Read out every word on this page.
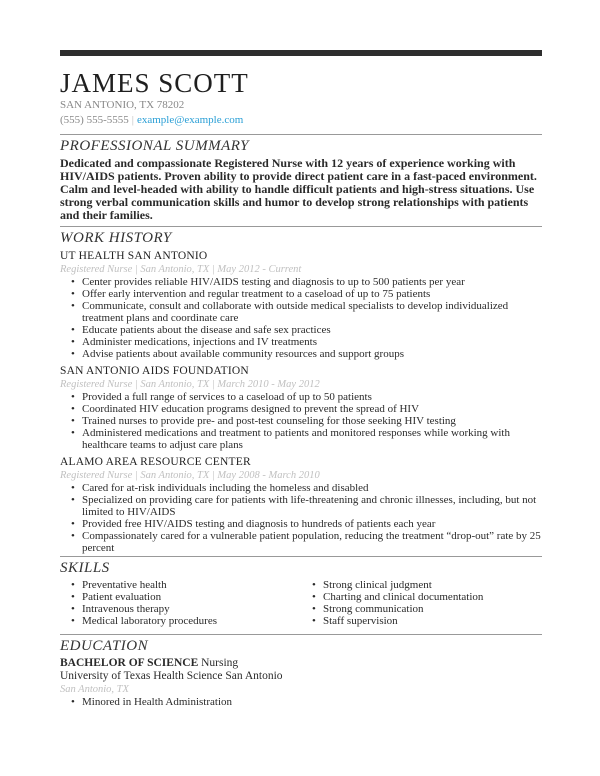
JAMES SCOTT
SAN ANTONIO, TX 78202
(555) 555-5555 | example@example.com
PROFESSIONAL SUMMARY

Dedicated and compassionate Registered Nurse with 12 years of experience working with HIV/AIDS patients. Proven ability to provide direct patient care in a fast-paced environment. Calm and level-headed with ability to handle difficult patients and high-stress situations. Use strong verbal communication skills and humor to develop strong relationships with patients and their families.

WORK HISTORY

UT HEALTH SAN ANTONIO

Registered Nurse | San Antonio, TX | May 2012 - Current

• Center provides reliable HIV/AIDS testing and diagnosis to up to 500 patients per year
• Offer early intervention and regular treatment to a caseload of up to 75 patients
• Communicate, consult and collaborate with outside medical specialists to develop individualized treatment plans and coordinate care
• Educate patients about the disease and safe sex practices
• Administer medications, injections and IV treatments
• Advise patients about available community resources and support groups

SAN ANTONIO AIDS FOUNDATION

Registered Nurse | San Antonio, TX | March 2010 - May 2012

• Provided a full range of services to a caseload of up to 50 patients
• Coordinated HIV education programs designed to prevent the spread of HIV
• Trained nurses to provide pre- and post-test counseling for those seeking HIV testing
• Administered medications and treatment to patients and monitored responses while working with healthcare teams to adjust care plans

ALAMO AREA RESOURCE CENTER

Registered Nurse | San Antonio, TX | May 2008 - March 2010

• Cared for at-risk individuals including the homeless and disabled
• Specialized on providing care for patients with life-threatening and chronic illnesses, including, but not limited to HIV/AIDS
• Provided free HIV/AIDS testing and diagnosis to hundreds of patients each year
• Compassionately cared for a vulnerable patient population, reducing the treatment “drop-out” rate by 25 percent
SKILLS
• Preventative health
• Patient evaluation
• Intravenous therapy
• Medical laboratory procedures
• Strong clinical judgment
• Charting and clinical documentation
• Strong communication
• Staff supervision
EDUCATION

BACHELOR OF SCIENCE Nursing

University of Texas Health Science San Antonio

San Antonio, TX

• Minored in Health Administration
